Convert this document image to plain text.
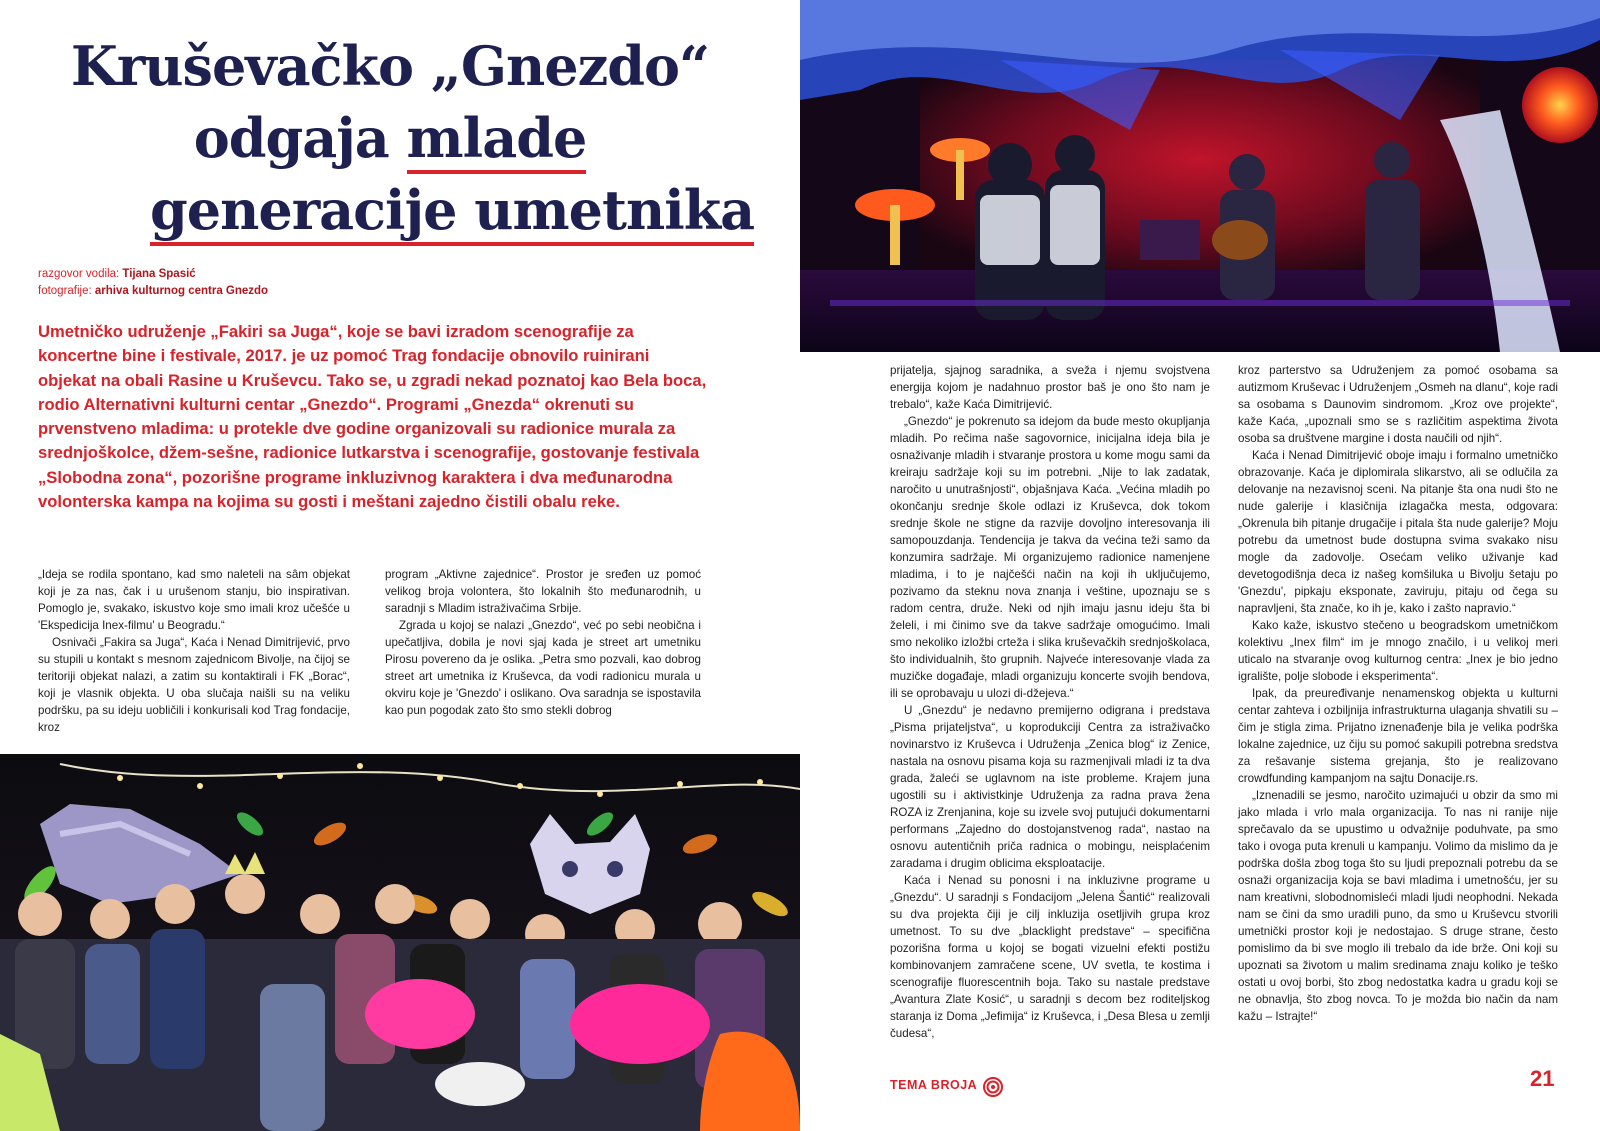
Kruševačko „Gnezdo“
odgaja mlade
generacije umetnika
razgovor vodila: Tijana Spasić
fotografije: arhiva kulturnog centra Gnezdo
Umetničko udruženje „Fakiri sa Juga“, koje se bavi izradom scenografije za koncertne bine i festivale, 2017. je uz pomoć Trag fondacije obnovilo ruinirani objekat na obali Rasine u Kruševcu. Tako se, u zgradi nekad poznatoj kao Bela boca, rodio Alternativni kulturni centar „Gnezdo“. Programi „Gnezda“ okrenuti su prvenstveno mladima: u protekle dve godine organizovali su radionice murala za srednjoškolce, džem-sešne, radionice lutkarstva i scenografije, gostovanje festivala „Slobodna zona“, pozorišne programe inkluzivnog karaktera i dva međunarodna volonterska kampa na kojima su gosti i meštani zajedno čistili obalu reke.

„Ideja se rodila spontano, kad smo naleteli na sâm objekat koji je za nas, čak i u urušenom stanju, bio inspirativan. Pomoglo je, svakako, iskustvo koje smo imali kroz učešće u 'Ekspedicija Inex-filmu' u Beogradu.“

Osnivači „Fakira sa Juga“, Kaća i Nenad Dimitrijević, prvo su stupili u kontakt s mesnom zajednicom Bivolje, na čijoj se teritoriji objekat nalazi, a zatim su kontaktirali i FK „Borac“, koji je vlasnik objekta. U oba slučaja naišli su na veliku podršku, pa su ideju uobličili i konkurisali kod Trag fondacije, kroz

program „Aktivne zajednice“. Prostor je sređen uz pomoć velikog broja volontera, što lokalnih što međunarodnih, u saradnji s Mladim istraživačima Srbije.

Zgrada u kojoj se nalazi „Gnezdo“, već po sebi neobična i upečatljiva, dobila je novi sjaj kada je street art umetniku Pirosu povereno da je oslika. „Petra smo pozvali, kao dobrog street art umetnika iz Kruševca, da vodi radionicu murala u okviru koje je 'Gnezdo' i oslikano. Ova saradnja se ispostavila kao pun pogodak zato što smo stekli dobrog

prijatelja, sjajnog saradnika, a sveža i njemu svojstvena energija kojom je nadahnuo prostor baš je ono što nam je trebalo“, kaže Kaća Dimitrijević.

„Gnezdo“ je pokrenuto sa idejom da bude mesto okupljanja mladih. Po rečima naše sagovornice, inicijalna ideja bila je osnaživanje mladih i stvaranje prostora u kome mogu sami da kreiraju sadržaje koji su im potrebni. „Nije to lak zadatak, naročito u unutrašnjosti“, objašnjava Kaća. „Većina mladih po okončanju srednje škole odlazi iz Kruševca, dok tokom srednje škole ne stigne da razvije dovoljno interesovanja ili samopouzdanja. Tendencija je takva da većina teži samo da konzumira sadržaje. Mi organizujemo radionice namenjene mladima, i to je najčešći način na koji ih uključujemo, pozivamo da steknu nova znanja i veštine, upoznaju se s radom centra, druže. Neki od njih imaju jasnu ideju šta bi želeli, i mi činimo sve da takve sadržaje omogućimo. Imali smo nekoliko izložbi crteža i slika kruševačkih srednjoškolaca, što individualnih, što grupnih. Najveće interesovanje vlada za muzičke događaje, mladi organizuju koncerte svojih bendova, ili se oprobavaju u ulozi di-džejeva.“

U „Gnezdu“ je nedavno premijerno odigrana i predstava „Pisma prijateljstva“, u koprodukciji Centra za istraživačko novinarstvo iz Kruševca i Udruženja „Zenica blog“ iz Zenice, nastala na osnovu pisama koja su razmenjivali mladi iz ta dva grada, žaleći se uglavnom na iste probleme. Krajem juna ugostili su i aktivistkinje Udruženja za radna prava žena ROZA iz Zrenjanina, koje su izvele svoj putujući dokumentarni performans „Zajedno do dostojanstvenog rada“, nastao na osnovu autentičnih priča radnica o mobingu, neisplaćenim zaradama i drugim oblicima eksploatacije.

Kaća i Nenad su ponosni i na inkluzivne programe u „Gnezdu“. U saradnji s Fondacijom „Jelena Šantić“ realizovali su dva projekta čiji je cilj inkluzija osetljivih grupa kroz umetnost. To su dve „blacklight predstave“ – specifična pozorišna forma u kojoj se bogati vizuelni efekti postižu kombinovanjem zamračene scene, UV svetla, te kostima i scenografije fluorescentnih boja. Tako su nastale predstave „Avantura Zlate Kosić“, u saradnji s decom bez roditeljskog staranja iz Doma „Jefimija“ iz Kruševca, i „Desa Blesa u zemlji čudesa“,

kroz parterstvo sa Udruženjem za pomoć osobama sa autizmom Kruševac i Udruženjem „Osmeh na dlanu“, koje radi sa osobama s Daunovim sindromom. „Kroz ove projekte“, kaže Kaća, „upoznali smo se s različitim aspektima života osoba sa društvene margine i dosta naučili od njih“.

Kaća i Nenad Dimitrijević oboje imaju i formalno umetničko obrazovanje. Kaća je diplomirala slikarstvo, ali se odlučila za delovanje na nezavisnoj sceni. Na pitanje šta ona nudi što ne nude galerije i klasičnija izlagačka mesta, odgovara: „Okrenula bih pitanje drugačije i pitala šta nude galerije? Moju potrebu da umetnost bude dostupna svima svakako nisu mogle da zadovolje. Osećam veliko uživanje kad devetogodišnja deca iz našeg komšiluka u Bivolju šetaju po 'Gnezdu', pipkaju eksponate, zaviruju, pitaju od čega su napravljeni, šta znače, ko ih je, kako i zašto napravio.“

Kako kaže, iskustvo stečeno u beogradskom umetničkom kolektivu „Inex film“ im je mnogo značilo, i u velikoj meri uticalo na stvaranje ovog kulturnog centra: „Inex je bio jedno igralište, polje slobode i eksperimenta“.

Ipak, da preuređivanje nenamenskog objekta u kulturni centar zahteva i ozbiljnija infrastrukturna ulaganja shvatili su – čim je stigla zima. Prijatno iznenađenje bila je velika podrška lokalne zajednice, uz čiju su pomoć sakupili potrebna sredstva za rešavanje sistema grejanja, što je realizovano crowdfunding kampanjom na sajtu Donacije.rs.

„Iznenadili se jesmo, naročito uzimajući u obzir da smo mi jako mlada i vrlo mala organizacija. To nas ni ranije nije sprečavalo da se upustimo u odvažnije poduhvate, pa smo tako i ovoga puta krenuli u kampanju. Volimo da mislimo da je podrška došla zbog toga što su ljudi prepoznali potrebu da se osnaži organizacija koja se bavi mladima i umetnošću, jer su nam kreativni, slobodnomisleći mladi ljudi neophodni. Nekada nam se čini da smo uradili puno, da smo u Kruševcu stvorili umetnički prostor koji je nedostajao. S druge strane, često pomislimo da bi sve moglo ili trebalo da ide brže. Oni koji su upoznati sa životom u malim sredinama znaju koliko je teško ostati u ovoj borbi, što zbog nedostatka kadra u gradu koji se ne obnavlja, što zbog novca. To je možda bio način da nam kažu – Istrajte!“

TEMA BROJA	21
